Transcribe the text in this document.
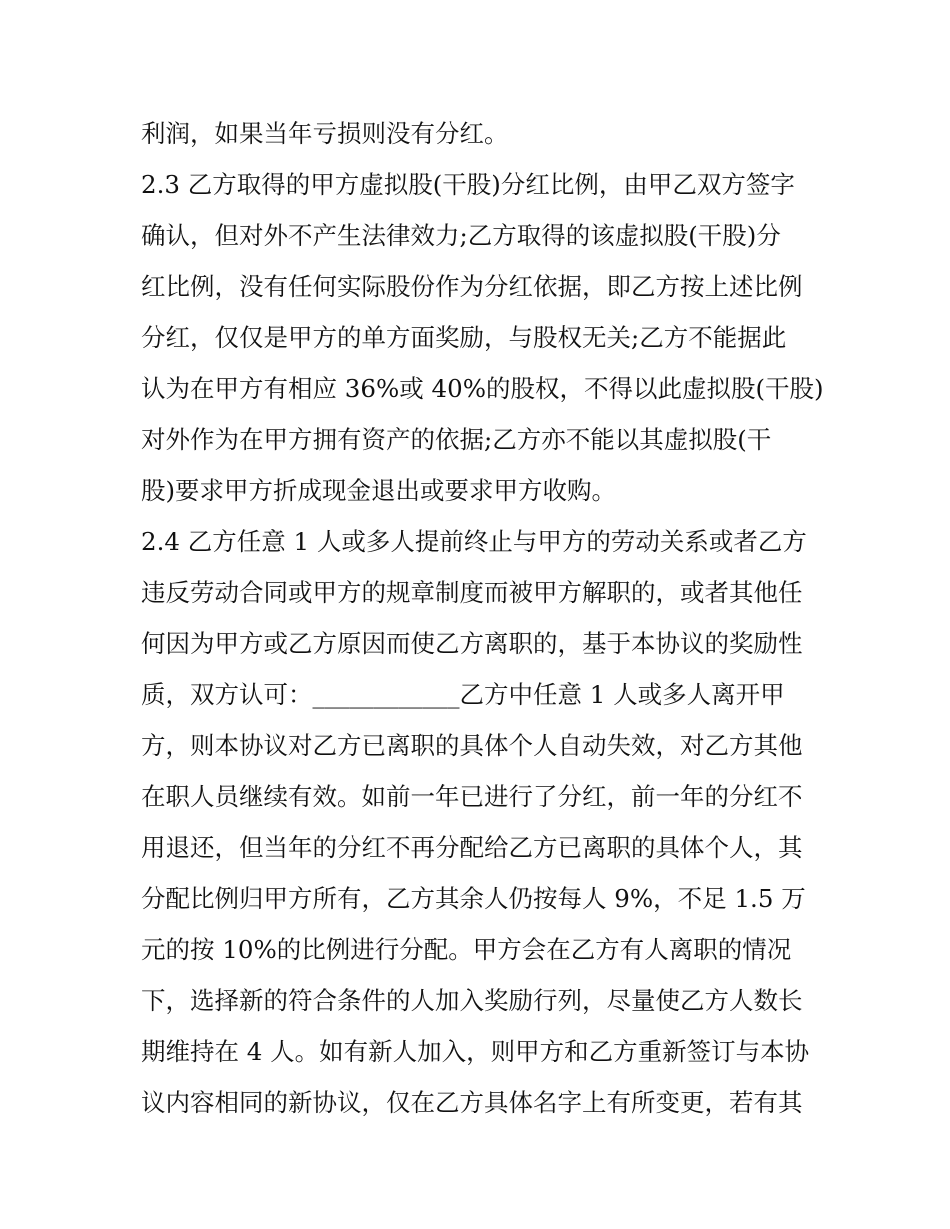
利润，如果当年亏损则没有分红。
2.3 乙方取得的甲方虚拟股(干股)分红比例，由甲乙双方签字
确认，但对外不产生法律效力;乙方取得的该虚拟股(干股)分
红比例，没有任何实际股份作为分红依据，即乙方按上述比例
分红，仅仅是甲方的单方面奖励，与股权无关;乙方不能据此
认为在甲方有相应 36%或 40%的股权，不得以此虚拟股(干股)
对外作为在甲方拥有资产的依据;乙方亦不能以其虚拟股(干
股)要求甲方折成现金退出或要求甲方收购。
2.4 乙方任意 1 人或多人提前终止与甲方的劳动关系或者乙方
违反劳动合同或甲方的规章制度而被甲方解职的，或者其他任
何因为甲方或乙方原因而使乙方离职的，基于本协议的奖励性
质，双方认可：____________乙方中任意 1 人或多人离开甲
方，则本协议对乙方已离职的具体个人自动失效，对乙方其他
在职人员继续有效。如前一年已进行了分红，前一年的分红不
用退还，但当年的分红不再分配给乙方已离职的具体个人，其
分配比例归甲方所有，乙方其余人仍按每人 9%，不足 1.5 万
元的按 10%的比例进行分配。甲方会在乙方有人离职的情况
下，选择新的符合条件的人加入奖励行列，尽量使乙方人数长
期维持在 4 人。如有新人加入，则甲方和乙方重新签订与本协
议内容相同的新协议，仅在乙方具体名字上有所变更，若有其
